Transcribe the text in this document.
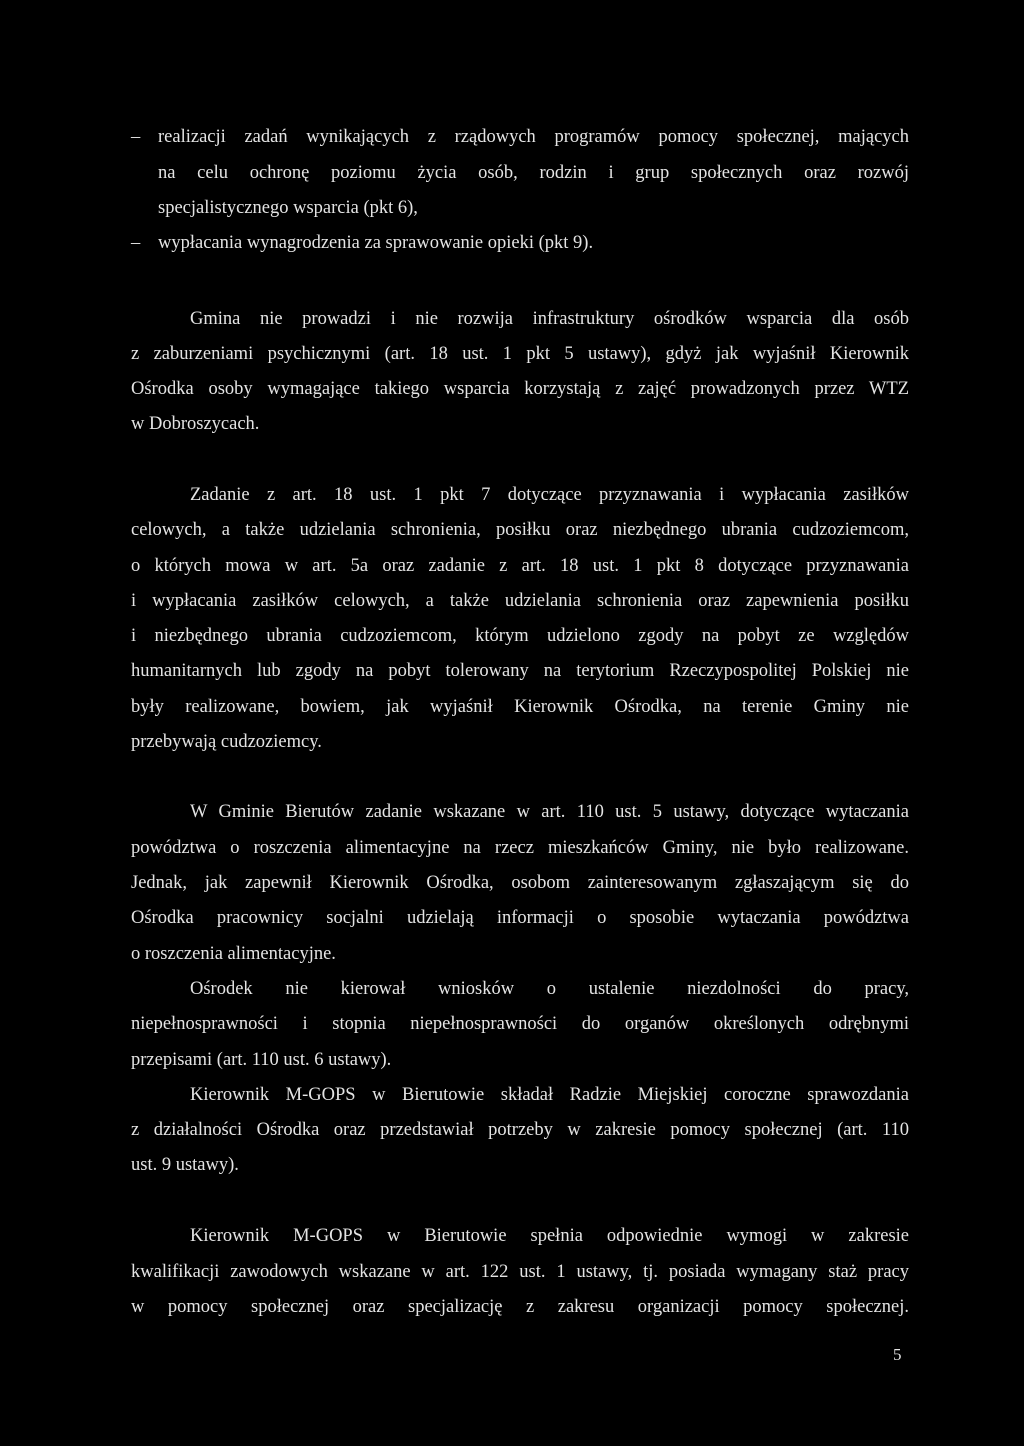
– realizacji zadań wynikających z rządowych programów pomocy społecznej, mających
na celu ochronę poziomu życia osób, rodzin i grup społecznych oraz rozwój
specjalistycznego wsparcia (pkt 6),
– wypłacania wynagrodzenia za sprawowanie opieki (pkt 9).
Gmina nie prowadzi i nie rozwija infrastruktury ośrodków wsparcia dla osób
z zaburzeniami psychicznymi (art. 18 ust. 1 pkt 5 ustawy), gdyż jak wyjaśnił Kierownik
Ośrodka osoby wymagające takiego wsparcia korzystają z zajęć prowadzonych przez WTZ
w Dobroszycach.
Zadanie z art. 18 ust. 1 pkt 7 dotyczące przyznawania i wypłacania zasiłków
celowych, a także udzielania schronienia, posiłku oraz niezbędnego ubrania cudzoziemcom,
o których mowa w art. 5a oraz zadanie z art. 18 ust. 1 pkt 8 dotyczące przyznawania
i wypłacania zasiłków celowych, a także udzielania schronienia oraz zapewnienia posiłku
i niezbędnego ubrania cudzoziemcom, którym udzielono zgody na pobyt ze względów
humanitarnych lub zgody na pobyt tolerowany na terytorium Rzeczypospolitej Polskiej nie
były realizowane, bowiem, jak wyjaśnił Kierownik Ośrodka, na terenie Gminy nie
przebywają cudzoziemcy.
W Gminie Bierutów zadanie wskazane w art. 110 ust. 5 ustawy, dotyczące wytaczania
powództwa o roszczenia alimentacyjne na rzecz mieszkańców Gminy, nie było realizowane.
Jednak, jak zapewnił Kierownik Ośrodka, osobom zainteresowanym zgłaszającym się do
Ośrodka pracownicy socjalni udzielają informacji o sposobie wytaczania powództwa
o roszczenia alimentacyjne.
Ośrodek nie kierował wniosków o ustalenie niezdolności do pracy,
niepełnosprawności i stopnia niepełnosprawności do organów określonych odrębnymi
przepisami (art. 110 ust. 6 ustawy).
Kierownik M-GOPS w Bierutowie składał Radzie Miejskiej coroczne sprawozdania
z działalności Ośrodka oraz przedstawiał potrzeby w zakresie pomocy społecznej (art. 110
ust. 9 ustawy).
Kierownik M-GOPS w Bierutowie spełnia odpowiednie wymogi w zakresie
kwalifikacji zawodowych wskazane w art. 122 ust. 1 ustawy, tj. posiada wymagany staż pracy
w pomocy społecznej oraz specjalizację z zakresu organizacji pomocy społecznej.
5
